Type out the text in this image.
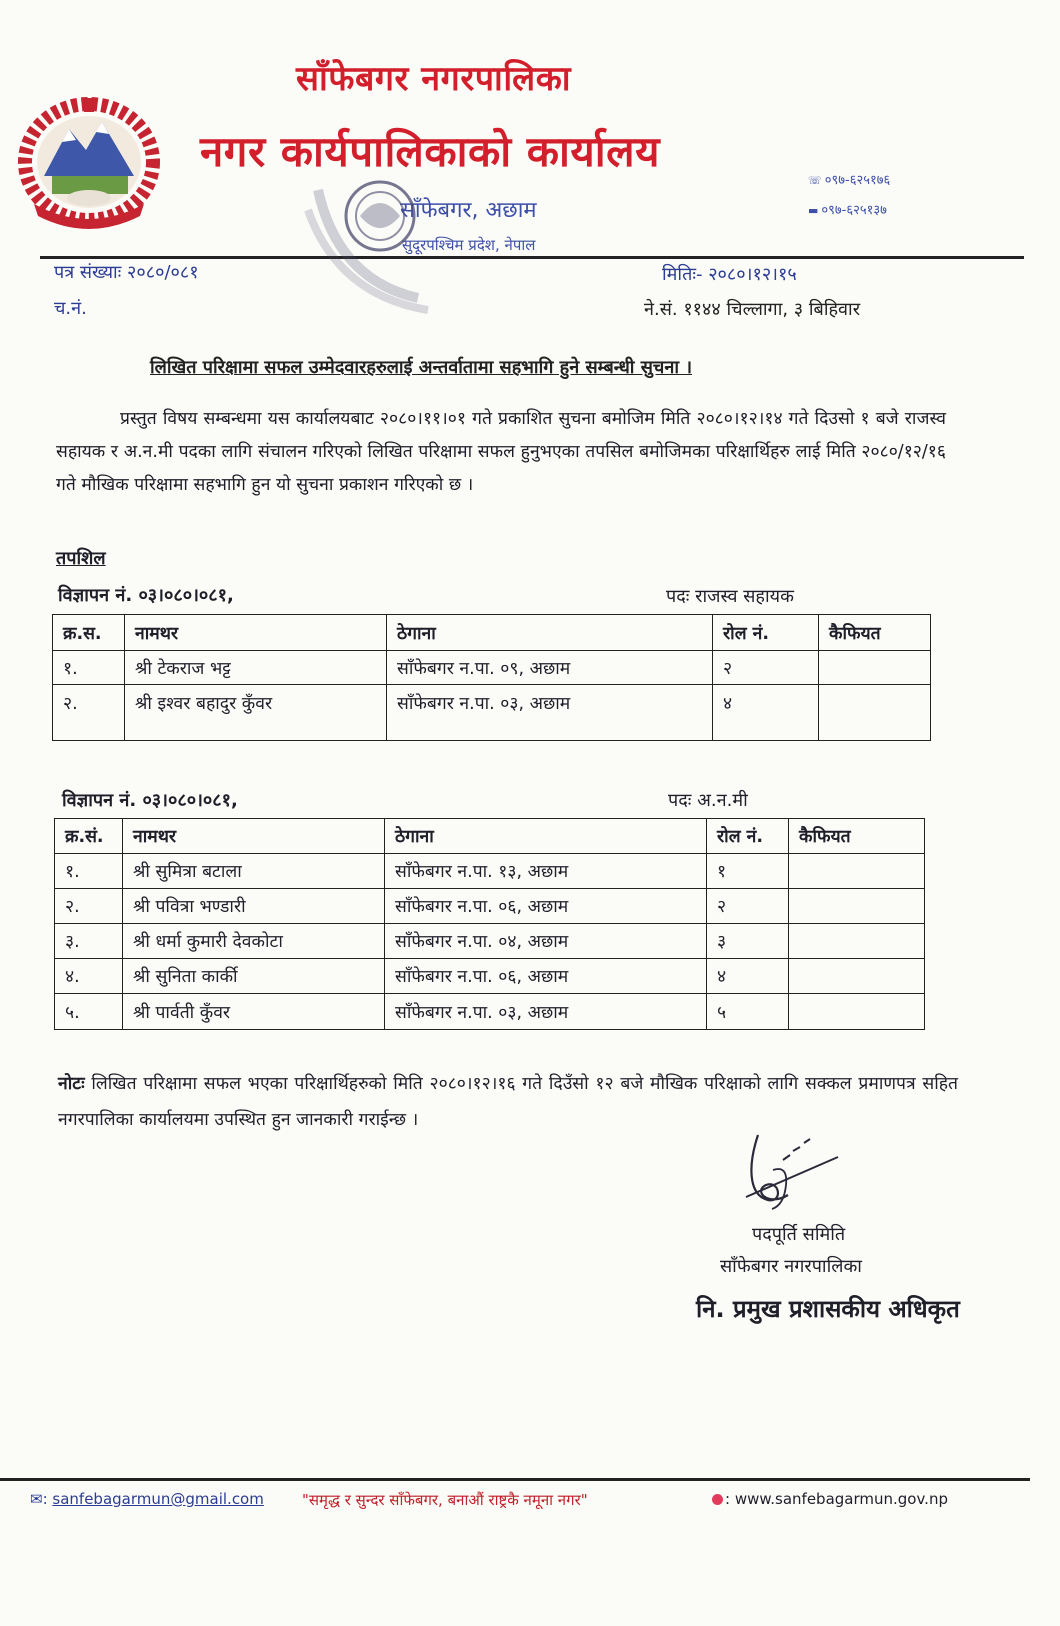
साँफेबगर नगरपालिका
नगर कार्यपालिकाको कार्यालय
साँफेबगर, अछाम
सुदूरपश्चिम प्रदेश, नेपाल
☏ ०९७-६२५१७६
▬ ०९७-६२५१३७
पत्र संख्याः २०८०/०८१
च.नं.
मितिः- २०८०।१२।१५
ने.सं. ११४४ चिल्लागा, ३ बिहिवार
लिखित परिक्षामा सफल उम्मेदवारहरुलाई अन्तर्वातामा सहभागि हुने सम्बन्धी सुचना ।
प्रस्तुत विषय सम्बन्धमा यस कार्यालयबाट २०८०।११।०१ गते प्रकाशित सुचना बमोजिम मिति २०८०।१२।१४ गते दिउसो १ बजे राजस्व सहायक र अ.न.मी पदका लागि संचालन गरिएको लिखित परिक्षामा सफल हुनुभएका तपसिल बमोजिमका परिक्षार्थिहरु लाई मिति २०८०/१२/१६ गते मौखिक परिक्षामा सहभागि हुन यो सुचना प्रकाशन गरिएको छ ।
तपशिल
विज्ञापन नं. ०३।०८०।०८१,	पदः राजस्व सहायक
क्र.स.	नामथर	ठेगाना	रोल नं.	कैफियत
१.	श्री टेकराज भट्ट	साँफेबगर न.पा. ०९, अछाम	२	
२.	श्री इश्वर बहादुर कुँवर	साँफेबगर न.पा. ०३, अछाम	४	
विज्ञापन नं. ०३।०८०।०८१,	पदः अ.न.मी
क्र.सं.	नामथर	ठेगाना	रोल नं.	कैफियत
१.	श्री सुमित्रा बटाला	साँफेबगर न.पा. १३, अछाम	१	
२.	श्री पवित्रा भण्डारी	साँफेबगर न.पा. ०६, अछाम	२	
३.	श्री धर्मा कुमारी देवकोटा	साँफेबगर न.पा. ०४, अछाम	३	
४.	श्री सुनिता कार्की	साँफेबगर न.पा. ०६, अछाम	४	
५.	श्री पार्वती कुँवर	साँफेबगर न.पा. ०३, अछाम	५	
नोटः लिखित परिक्षामा सफल भएका परिक्षार्थिहरुको मिति २०८०।१२।१६ गते दिउँसो १२ बजे मौखिक परिक्षाको लागि सक्कल प्रमाणपत्र सहित नगरपालिका कार्यालयमा उपस्थित हुन जानकारी गराईन्छ ।
पदपूर्ति समिति
साँफेबगर नगरपालिका
नि. प्रमुख प्रशासकीय अधिकृत
✉: sanfebagarmun@gmail.com	"समृद्ध र सुन्दर साँफेबगर, बनाऔं राष्ट्रकै नमूना नगर"	: www.sanfebagarmun.gov.np
